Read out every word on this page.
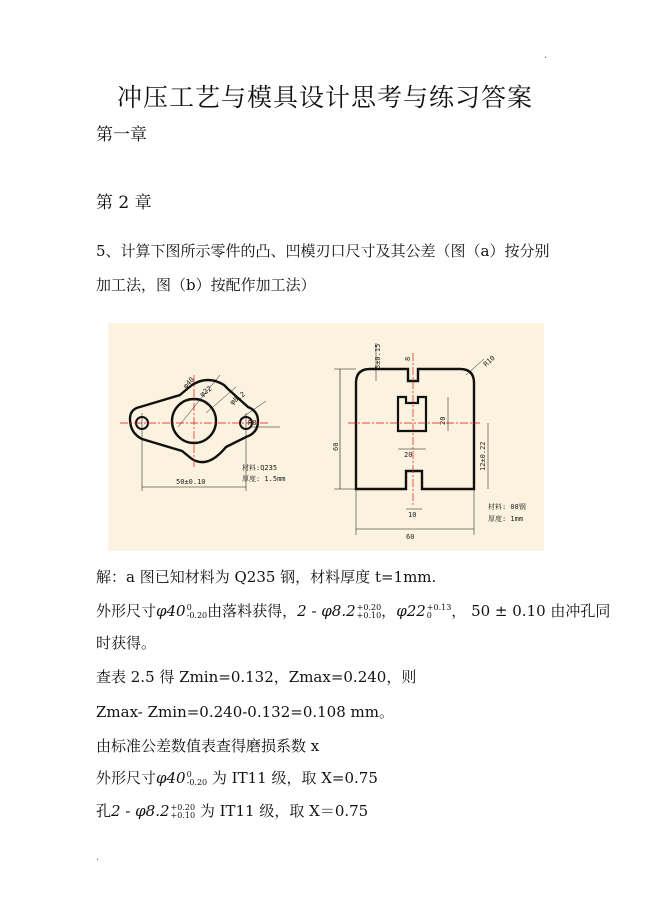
.
冲压工艺与模具设计思考与练习答案
第一章
第 2 章
5、计算下图所示零件的凸、凹模刃口尺寸及其公差（图（a）按分别
加工法，图（b）按配作加工法）
φ40
φ22 φ8.2
R8
50±0.10
材料:Q235
厚度: 1.5mm
5±0.15	8	R10
60
20
12±0.22
20
10
60
材料: 08钢
厚度: 1mm
解：a 图已知材料为 Q235 钢，材料厚度 t=1mm.
外形尺寸φ400
-0.20由落料获得，2 - φ8.2+0.20
+0.10，φ22+0.13
0 ， 50 ± 0.10 由冲孔同
时获得。
查表 2.5 得 Zmin=0.132，Zmax=0.240，则
Zmax- Zmin=0.240-0.132=0.108 mm。
由标准公差数值表查得磨损系数 x
外形尺寸φ400
-0.20 为 IT11 级，取 X=0.75
孔2 - φ8.2+0.20
+0.10 为 IT11 级，取 X＝0.75
.
